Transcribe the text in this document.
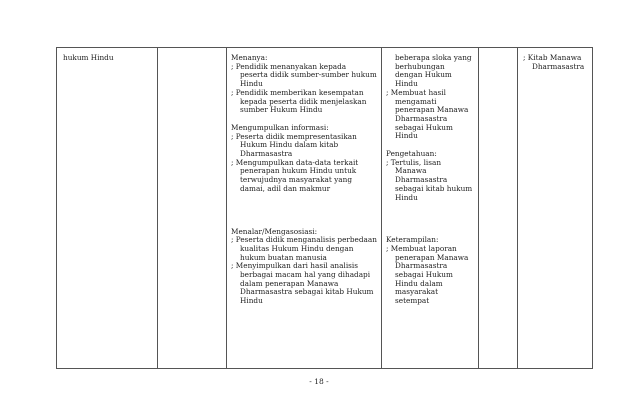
hukum Hindu	Menanya:
; Pendidik menanyakan kepada
peserta didik sumber-sumber hukum
Hindu
; Pendidik memberikan kesempatan
kepada peserta didik menjelaskan
sumber Hukum Hindu
Mengumpulkan informasi:
; Peserta didik mempresentasikan
Hukum Hindu dalam kitab
Dharmasastra
; Mengumpulkan data-data terkait
penerapan hukum Hindu untuk
terwujudnya masyarakat yang
damai, adil dan makmur
Menalar/Mengasosiasi:
; Peserta didik menganalisis perbedaan
kualitas Hukum Hindu dengan
hukum buatan manusia
; Menyimpulkan dari hasil analisis
berbagai macam hal yang dihadapi
dalam penerapan Manawa
Dharmasastra sebagai kitab Hukum
Hindu
beberapa sloka yang
berhubungan
dengan Hukum
Hindu
; Membuat hasil
mengamati
penerapan Manawa
Dharmasastra
sebagai Hukum
Hindu
Pengetahuan:
; Tertulis, lisan
Manawa
Dharmasastra
sebagai kitab hukum
Hindu
Keterampilan:
; Membuat laporan
penerapan Manawa
Dharmasastra
sebagai Hukum
Hindu dalam
masyarakat
setempat
; Kitab Manawa
Dharmasastra
- 18 -
